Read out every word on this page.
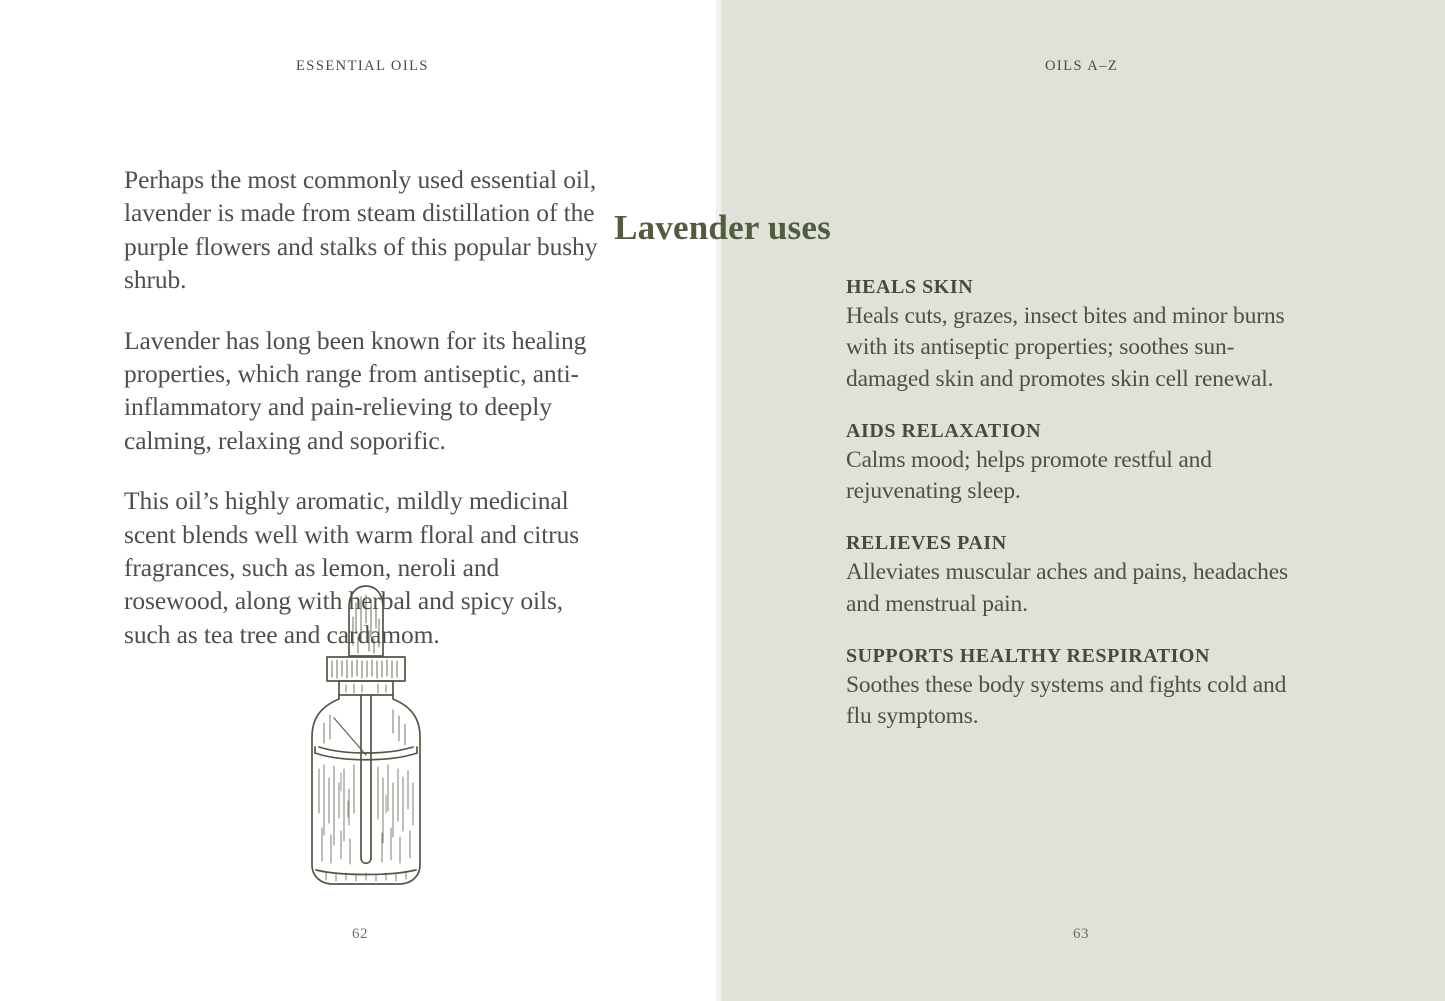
ESSENTIAL OILS

Perhaps the most commonly used essential oil, lavender is made from steam distillation of the purple flowers and stalks of this popular bushy shrub.

Lavender has long been known for its healing properties, which range from antiseptic, anti-inflammatory and pain-relieving to deeply calming, relaxing and soporific.

This oil’s highly aromatic, mildly medicinal scent blends well with warm floral and citrus fragrances, such as lemon, neroli and rosewood, along with herbal and spicy oils, such as tea tree and cardamom.

62
OILS A–Z
Lavender uses
HEALS SKIN
Heals cuts, grazes, insect bites and minor burns with its antiseptic properties; soothes sun-damaged skin and promotes skin cell renewal.
AIDS RELAXATION
Calms mood; helps promote restful and rejuvenating sleep.
RELIEVES PAIN
Alleviates muscular aches and pains, headaches and menstrual pain.
SUPPORTS HEALTHY RESPIRATION
Soothes these body systems and fights cold and flu symptoms.
63
